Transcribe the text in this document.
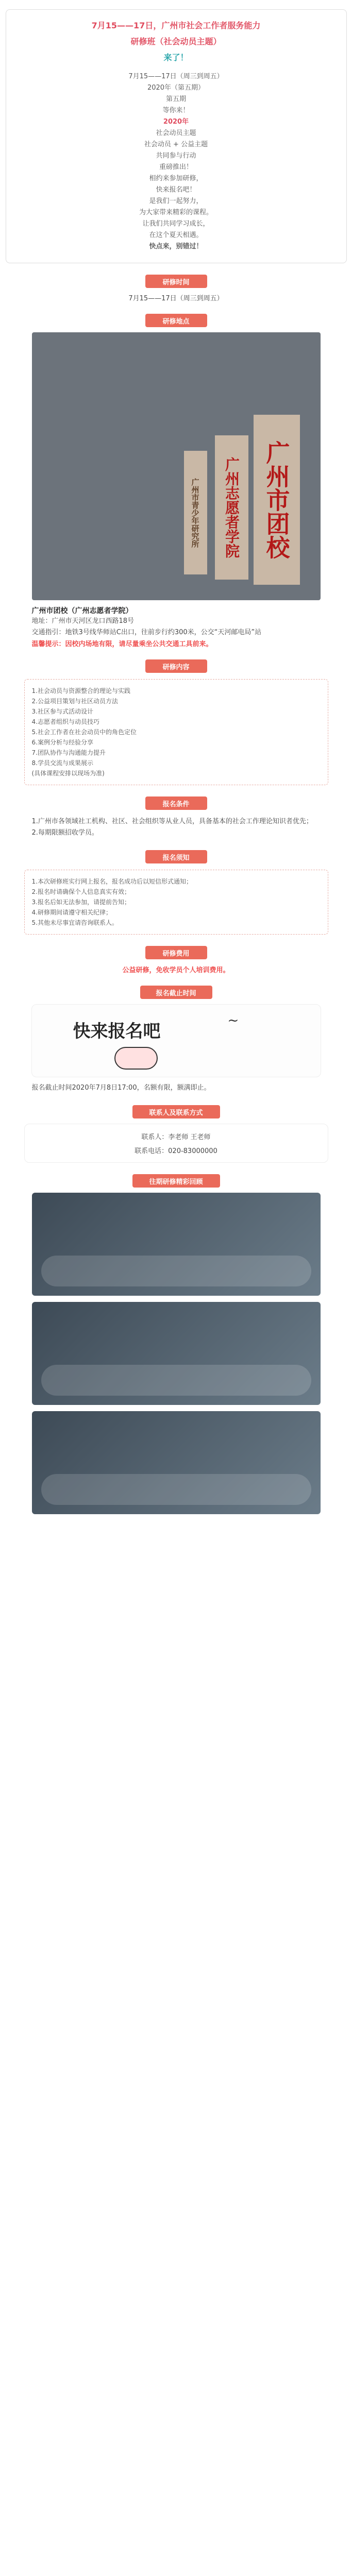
7月15——17日，广州市社会工作者服务能力
研修班（社会动员主题）
来了！
7月15——17日（周三到周五）
2020年（第五期）
第五期
等你来！
2020年
社会动员主题
社会动员 + 公益主题
共同参与行动
重磅推出！
相约来参加研修，
快来报名吧！
是我们一起努力，
为大家带来精彩的课程。
让我们共同学习成长，
在这个夏天相遇。
快点来，别错过！
研修时间
7月15——17日（周三到周五）
研修地点
广州市团校
广州志愿者学院
广州市青少年研究所
广州市团校（广州志愿者学院）
地址：广州市天河区龙口西路18号
交通指引：地铁3号线华师站C出口，往前步行约300米，公交“天河邮电局”站
温馨提示：因校内场地有限，请尽量乘坐公共交通工具前来。
研修内容
1.社会动员与资源整合的理论与实践
2.公益项目策划与社区动员方法
3.社区参与式活动设计
4.志愿者组织与动员技巧
5.社会工作者在社会动员中的角色定位
6.案例分析与经验分享
7.团队协作与沟通能力提升
8.学员交流与成果展示
(具体课程安排以现场为准)
报名条件
1.广州市各领域社工机构、社区、社会组织等从业人员，具备基本的社会工作理论知识者优先；
2.每期限额招收学员。
报名须知
1.本次研修班实行网上报名，报名成功后以短信形式通知；
2.报名时请确保个人信息真实有效；
3.报名后如无法参加，请提前告知；
4.研修期间请遵守相关纪律；
5.其他未尽事宜请咨询联系人。
研修费用
公益研修，免收学员个人培训费用。
报名截止时间
快来报名吧
~
报名截止时间2020年7月8日17:00，名额有限，额满即止。
联系人及联系方式
联系人：李老师 王老师
联系电话：020-83000000
往期研修精彩回顾
